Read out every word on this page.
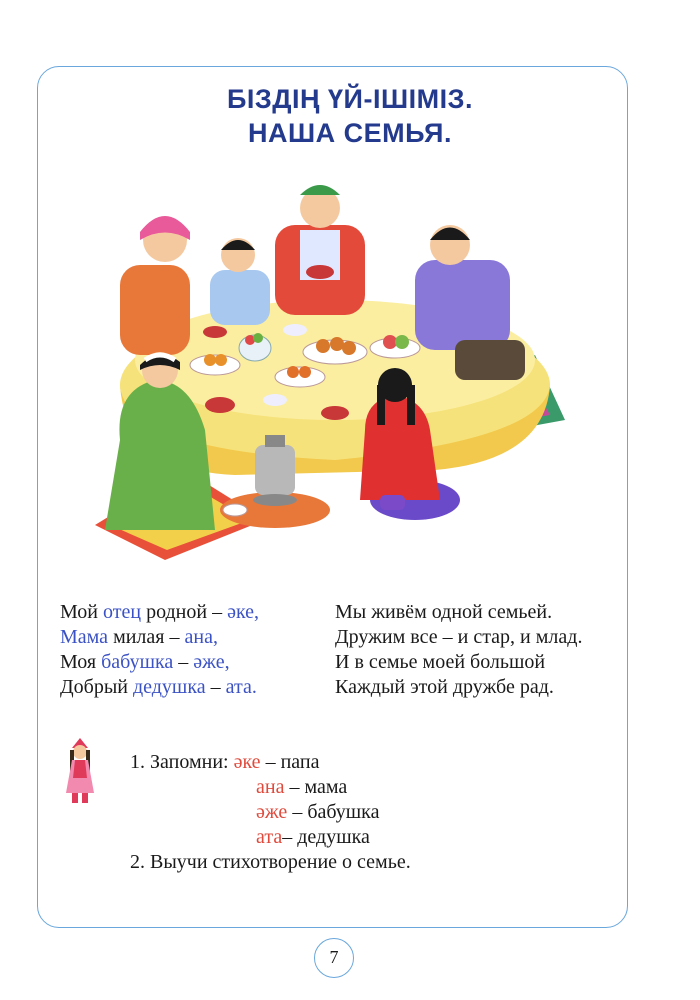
БІЗДІҢ ҮЙ-ІШІМІЗ.
НАША СЕМЬЯ.
Мой отец родной – әке,
Мама милая – ана,
Моя бабушка – әже,
Добрый дедушка – ата.
Мы живём одной семьей.
Дружим все – и стар, и млад.
И в семье моей большой
Каждый этой дружбе рад.
1. Запомни: әке – папа
ана – мама
әже – бабушка
ата– дедушка
2. Выучи стихотворение о семье.
7
